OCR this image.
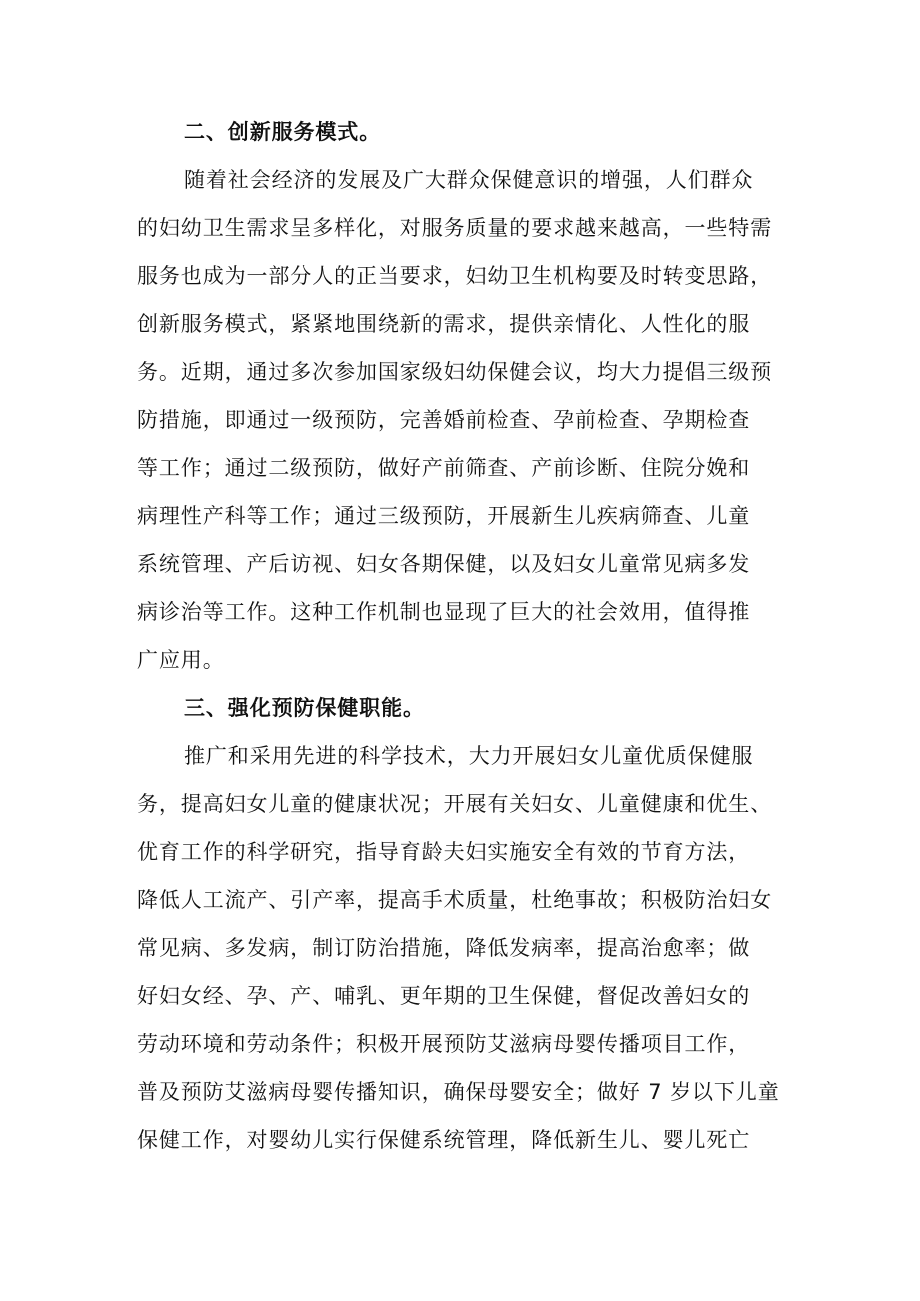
二、创新服务模式。
随着社会经济的发展及广大群众保健意识的增强，人们群众
的妇幼卫生需求呈多样化，对服务质量的要求越来越高，一些特需
服务也成为一部分人的正当要求，妇幼卫生机构要及时转变思路，
创新服务模式，紧紧地围绕新的需求，提供亲情化、人性化的服
务。近期，通过多次参加国家级妇幼保健会议，均大力提倡三级预
防措施，即通过一级预防，完善婚前检查、孕前检查、孕期检查
等工作；通过二级预防，做好产前筛查、产前诊断、住院分娩和
病理性产科等工作；通过三级预防，开展新生儿疾病筛查、儿童
系统管理、产后访视、妇女各期保健，以及妇女儿童常见病多发
病诊治等工作。这种工作机制也显现了巨大的社会效用，值得推
广应用。
三、强化预防保健职能。
推广和采用先进的科学技术，大力开展妇女儿童优质保健服
务，提高妇女儿童的健康状况；开展有关妇女、儿童健康和优生、
优育工作的科学研究，指导育龄夫妇实施安全有效的节育方法，
降低人工流产、引产率，提高手术质量，杜绝事故；积极防治妇女
常见病、多发病，制订防治措施，降低发病率，提高治愈率；做
好妇女经、孕、产、哺乳、更年期的卫生保健，督促改善妇女的
劳动环境和劳动条件；积极开展预防艾滋病母婴传播项目工作，
普及预防艾滋病母婴传播知识，确保母婴安全；做好 7 岁以下儿童
保健工作，对婴幼儿实行保健系统管理，降低新生儿、婴儿死亡
